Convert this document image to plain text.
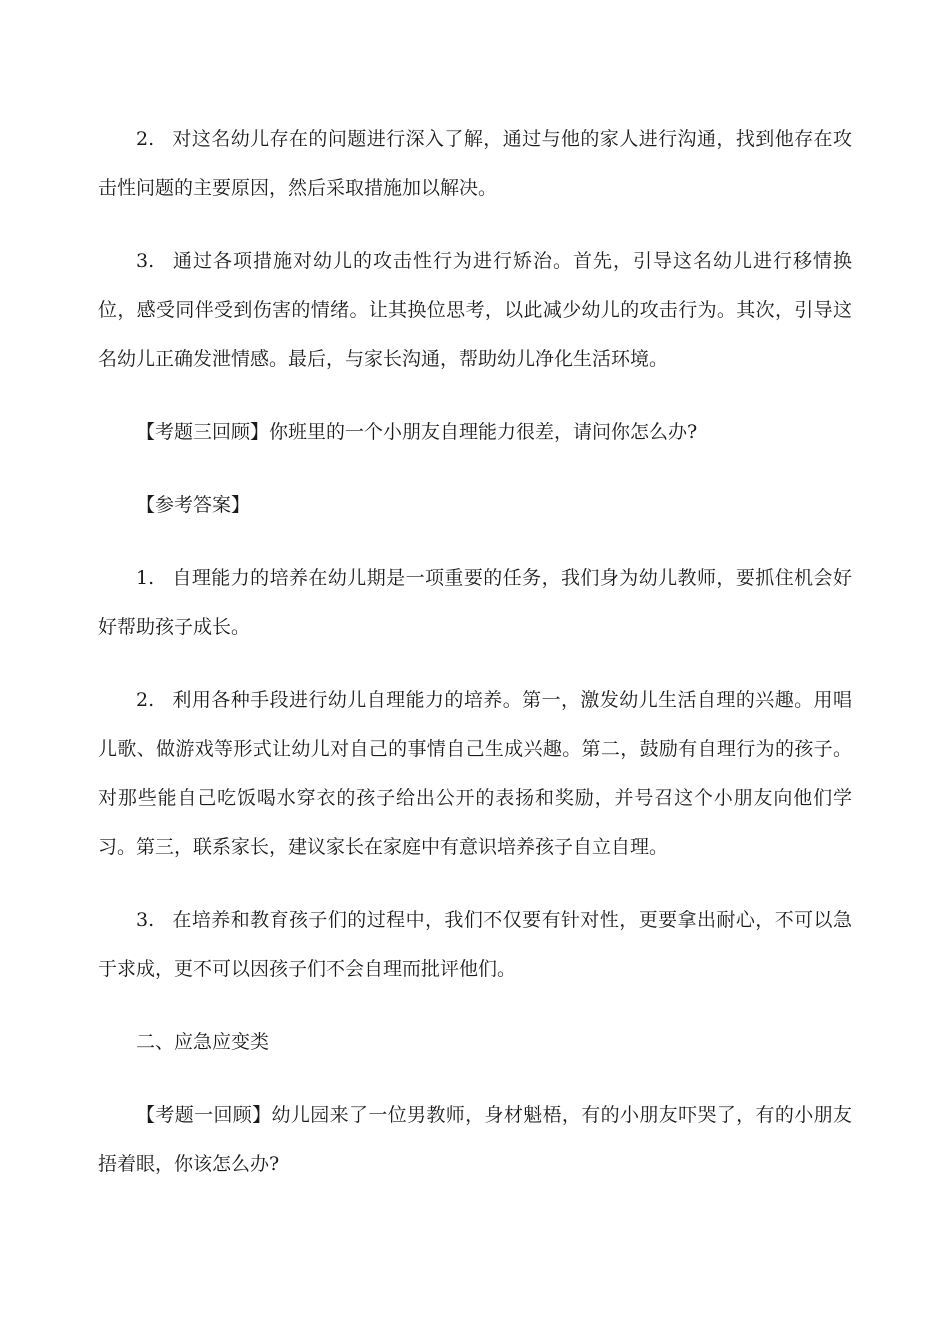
2. 对这名幼儿存在的问题进行深入了解，通过与他的家人进行沟通，找到他存在攻击性问题的主要原因，然后采取措施加以解决。

3. 通过各项措施对幼儿的攻击性行为进行矫治。首先，引导这名幼儿进行移情换位，感受同伴受到伤害的情绪。让其换位思考，以此减少幼儿的攻击行为。其次，引导这名幼儿正确发泄情感。最后，与家长沟通，帮助幼儿净化生活环境。

【考题三回顾】你班里的一个小朋友自理能力很差，请问你怎么办?

【参考答案】

1. 自理能力的培养在幼儿期是一项重要的任务，我们身为幼儿教师，要抓住机会好好帮助孩子成长。

2. 利用各种手段进行幼儿自理能力的培养。第一，激发幼儿生活自理的兴趣。用唱儿歌、做游戏等形式让幼儿对自己的事情自己生成兴趣。第二，鼓励有自理行为的孩子。对那些能自己吃饭喝水穿衣的孩子给出公开的表扬和奖励，并号召这个小朋友向他们学习。第三，联系家长，建议家长在家庭中有意识培养孩子自立自理。

3. 在培养和教育孩子们的过程中，我们不仅要有针对性，更要拿出耐心，不可以急于求成，更不可以因孩子们不会自理而批评他们。

二、应急应变类

【考题一回顾】幼儿园来了一位男教师，身材魁梧，有的小朋友吓哭了，有的小朋友捂着眼，你该怎么办?
